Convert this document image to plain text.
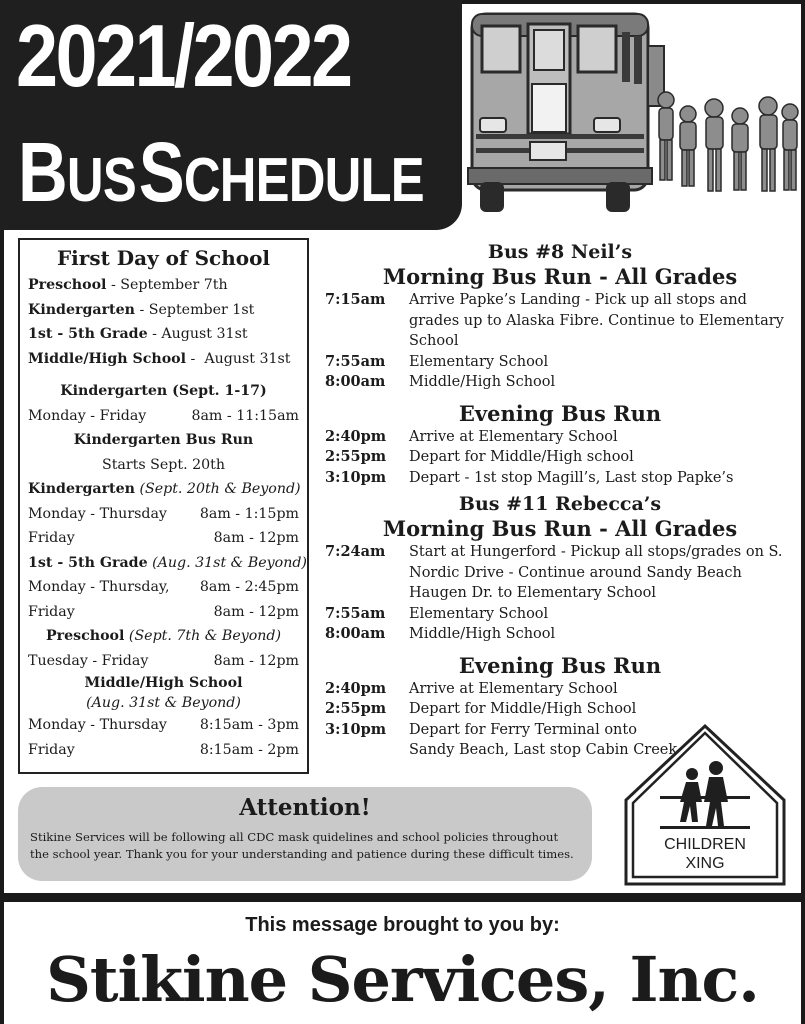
2021/2022
BUS SCHEDULE
First Day of School
Preschool - September 7th
Kindergarten - September 1st
1st - 5th Grade - August 31st
Middle/High School -  August 31st
Kindergarten (Sept. 1-17)
Monday - Friday	8am - 11:15am
Kindergarten Bus Run
Starts Sept. 20th
Kindergarten (Sept. 20th & Beyond)
Monday - Thursday 8am - 1:15pm
Friday	8am - 12pm
1st - 5th Grade (Aug. 31st & Beyond)
Monday - Thursday, 8am - 2:45pm
Friday	8am - 12pm
Preschool (Sept. 7th & Beyond)
Tuesday - Friday	8am - 12pm
Middle/High School
(Aug. 31st & Beyond)
Monday - Thursday 8:15am - 3pm
Friday	8:15am - 2pm
Bus #8 Neil’s
Morning Bus Run - All Grades
7:15am	Arrive Papke’s Landing - Pick up all stops and grades up to Alaska Fibre. Continue to Elementary School
7:55am	Elementary School
8:00am	Middle/High School
Evening Bus Run
2:40pm	Arrive at Elementary School
2:55pm	Depart for Middle/High school
3:10pm	Depart - 1st stop Magill’s, Last stop Papke’s
Bus #11 Rebecca’s
Morning Bus Run - All Grades
7:24am	Start at Hungerford - Pickup all stops/grades on S. Nordic Drive - Continue around Sandy Beach Haugen Dr. to Elementary School
7:55am	Elementary School
8:00am	Middle/High School
Evening Bus Run
2:40pm	Arrive at Elementary School
2:55pm	Depart for Middle/High School
3:10pm	Depart for Ferry Terminal onto Sandy Beach, Last stop Cabin Creek
Attention!
Stikine Services will be following all CDC mask quidelines and school policies throughout the school year. Thank you for your understanding and patience during these difficult times.
CHILDREN
XING
This message brought to you by:
Stikine Services, Inc.
